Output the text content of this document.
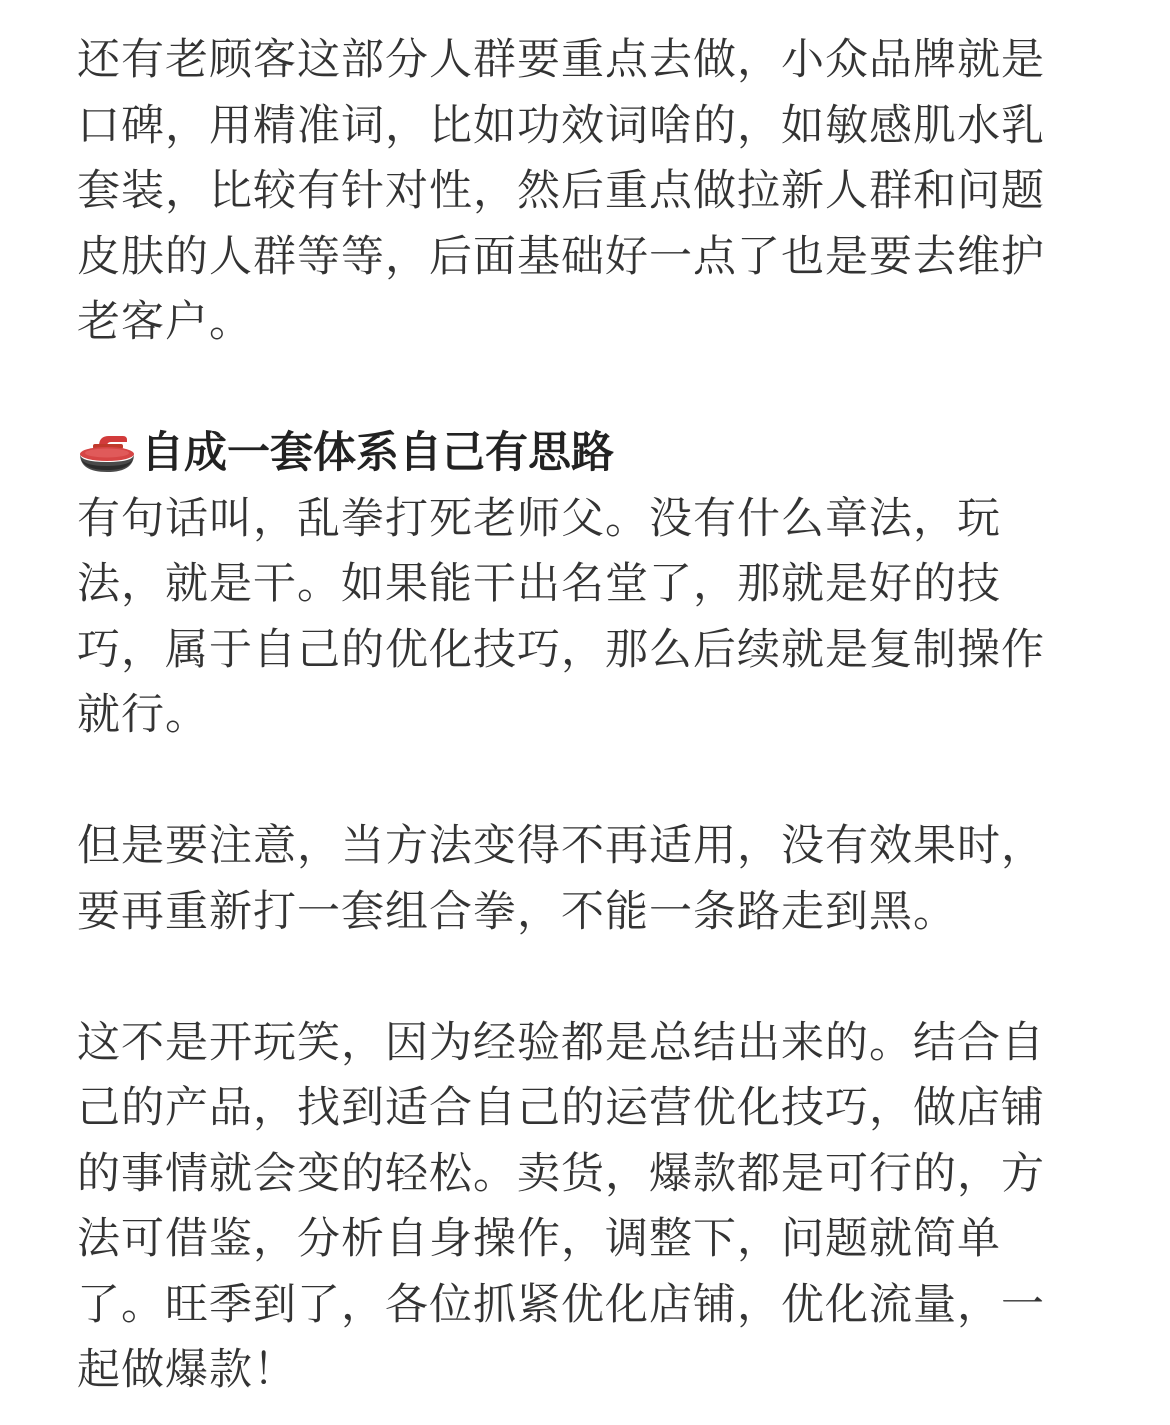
还有老顾客这部分人群要重点去做，小众品牌就是口碑，用精准词，比如功效词啥的，如敏感肌水乳套装，比较有针对性，然后重点做拉新人群和问题皮肤的人群等等，后面基础好一点了也是要去维护老客户。

自成一套体系自己有思路

有句话叫，乱拳打死老师父。没有什么章法，玩法，就是干。如果能干出名堂了，那就是好的技巧，属于自己的优化技巧，那么后续就是复制操作就行。

但是要注意，当方法变得不再适用，没有效果时，要再重新打一套组合拳，不能一条路走到黑。

这不是开玩笑，因为经验都是总结出来的。结合自己的产品，找到适合自己的运营优化技巧，做店铺的事情就会变的轻松。卖货，爆款都是可行的，方法可借鉴，分析自身操作，调整下，问题就简单了。旺季到了，各位抓紧优化店铺，优化流量，一起做爆款！
